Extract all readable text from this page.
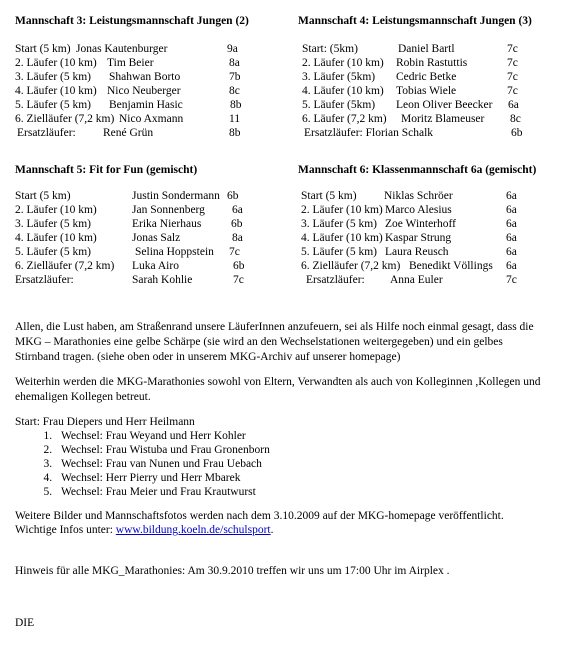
Mannschaft 3: Leistungsmannschaft Jungen (2)
Start (5 km) Jonas Kautenburger	9a
2. Läufer (10 km) Tim Beier	8a
3. Läufer (5 km) Shahwan Borto	7b
4. Läufer (10 km) Nico Neuberger	8c
5. Läufer (5 km) Benjamin Hasic	8b
6. Zielläufer (7,2 km) Nico Axmann	11
Ersatzläufer: René Grün	8b
Mannschaft 4: Leistungsmannschaft Jungen (3)
Start: (5km)	Daniel Bartl	7c
2. Läufer (10 km) Robin Rastuttis	7c
3. Läufer (5km) Cedric Betke	7c
4. Läufer (10 km) Tobias Wiele	7c
5. Läufer (5km) Leon Oliver Beecker 6a
6. Läufer (7,2 km) Moritz Blameuser 8c
Ersatzläufer: Florian Schalk	6b
Mannschaft 5: Fit for Fun (gemischt)
Start (5 km)	Justin Sondermann 6b
2. Läufer (10 km)	Jan Sonnenberg 6a
3. Läufer (5 km)	Erika Nierhaus	6b
4. Läufer (10 km)	Jonas Salz	8a
5. Läufer (5 km)	Selina Hoppstein 7c
6. Zielläufer (7,2 km) Luka Airo	6b
Ersatzläufer:	Sarah Kohlie	7c
Mannschaft 6: Klassenmannschaft 6a (gemischt)
Start (5 km) Niklas Schröer	6a
2. Läufer (10 km) Marco Alesius	6a
3. Läufer (5 km) Zoe Winterhoff	6a
4. Läufer (10 km) Kaspar Strung	6a
5. Läufer (5 km) Laura Reusch	6a
6. Zielläufer (7,2 km) Benedikt Völlings 6a
Ersatzläufer: Anna Euler	7c
Allen, die Lust haben, am Straßenrand unsere LäuferInnen anzufeuern, sei als Hilfe noch einmal gesagt, dass die MKG – Marathonies eine gelbe Schärpe (sie wird an den Wechselstationen weitergegeben) und ein gelbes Stirnband tragen. (siehe oben oder in unserem MKG-Archiv auf unserer homepage)
Weiterhin werden die MKG-Marathonies sowohl von Eltern, Verwandten als auch von Kolleginnen ,Kollegen und ehemaligen Kollegen betreut.
Start: Frau Diepers und Herr Heilmann
1. Wechsel: Frau Weyand und Herr Kohler
2. Wechsel: Frau Wistuba und Frau Gronenborn
3. Wechsel: Frau van Nunen und Frau Uebach
4. Wechsel: Herr Pierry und Herr Mbarek
5. Wechsel: Frau Meier und Frau Krautwurst
Weitere Bilder und Mannschaftsfotos werden nach dem 3.10.2009 auf der MKG-homepage veröffentlicht.
Wichtige Infos unter: www.bildung.koeln.de/schulsport.
Hinweis für alle MKG_Marathonies: Am 30.9.2010 treffen wir uns um 17:00 Uhr im Airplex .
DIE
